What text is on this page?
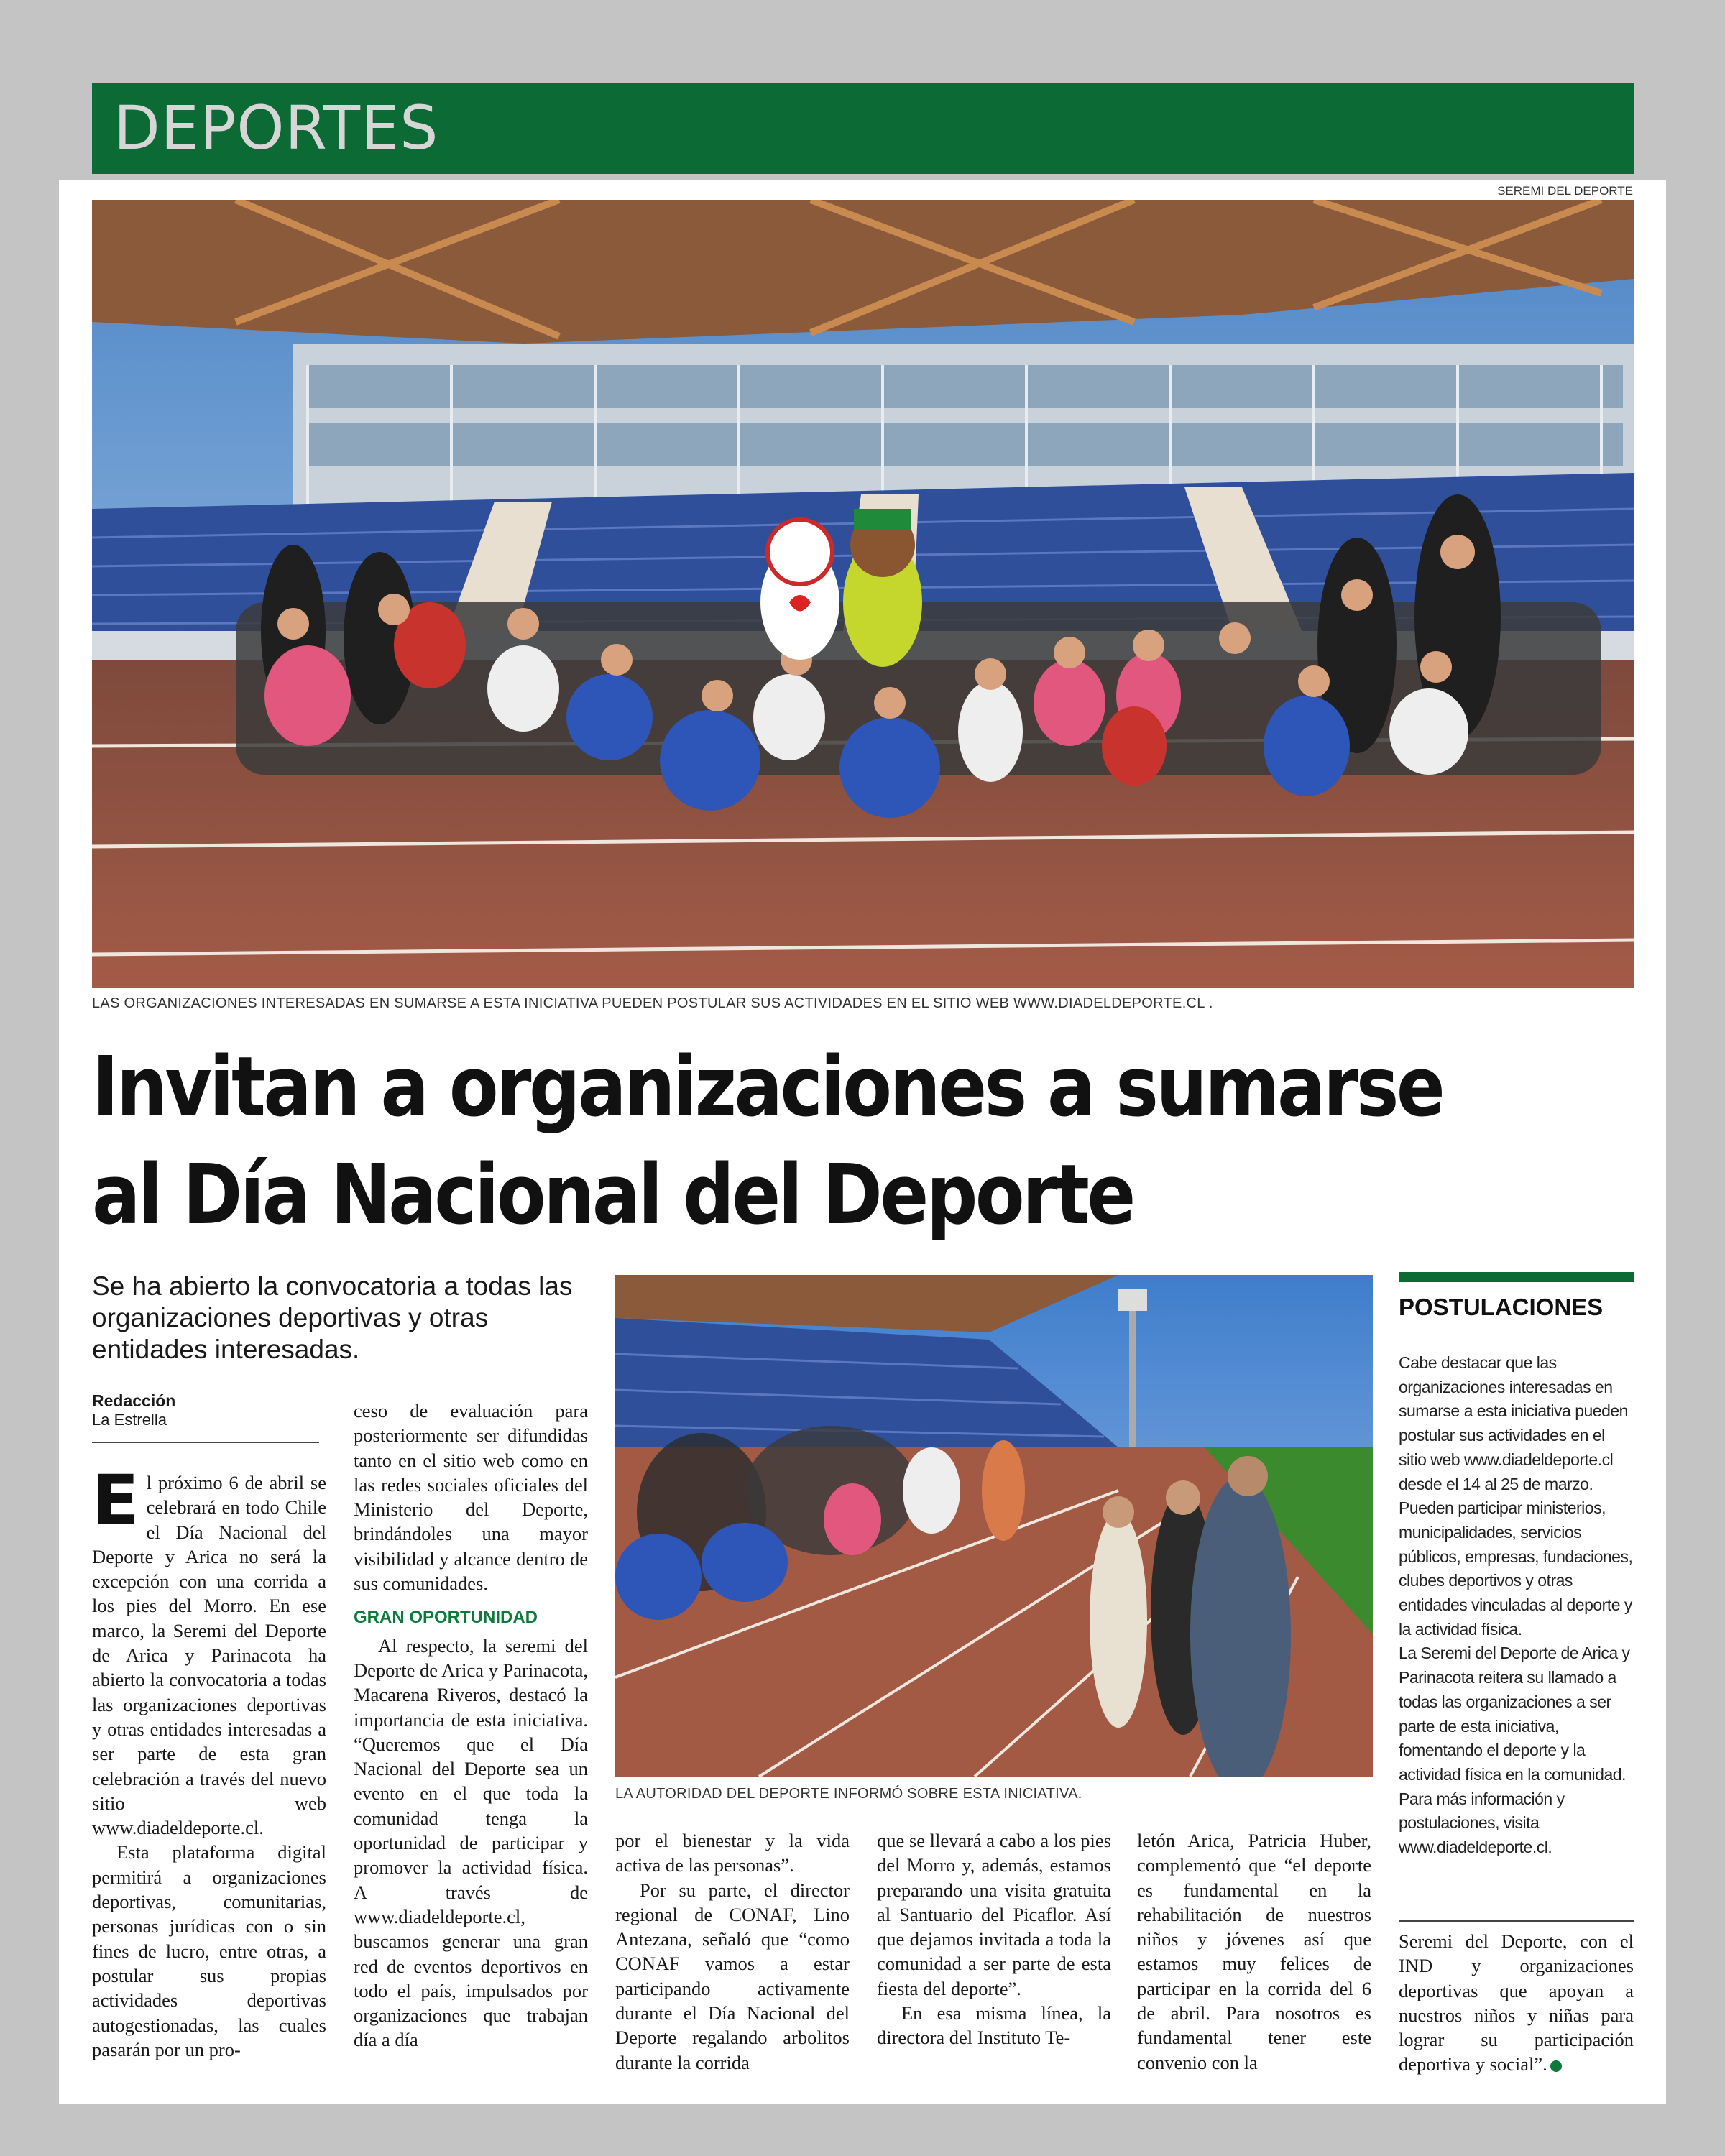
DEPORTES
SEREMI DEL DEPORTE
LAS ORGANIZACIONES INTERESADAS EN SUMARSE A ESTA INICIATIVA PUEDEN POSTULAR SUS ACTIVIDADES EN EL SITIO WEB WWW.DIADELDEPORTE.CL .
Invitan a organizaciones a sumarse
al Día Nacional del Deporte
Se ha abierto la convocatoria a todas las organizaciones deportivas y otras entidades interesadas.
Redacción
La Estrella

El próximo 6 de abril se celebrará en todo Chile el Día Nacional del Deporte y Arica no será la excepción con una corrida a los pies del Morro. En ese marco, la Seremi del Deporte de Arica y Parinacota ha abierto la convocatoria a todas las organizaciones deportivas y otras entidades interesadas a ser parte de esta gran celebración a través del nuevo sitio web www.diadeldeporte.cl.

Esta plataforma digital permitirá a organizaciones deportivas, comunitarias, personas jurídicas con o sin fines de lucro, entre otras, a postular sus propias actividades deportivas autogestionadas, las cuales pasarán por un pro-

ceso de evaluación para posteriormente ser difundidas tanto en el sitio web como en las redes sociales oficiales del Ministerio del Deporte, brindándoles una mayor visibilidad y alcance dentro de sus comunidades.

GRAN OPORTUNIDAD

Al respecto, la seremi del Deporte de Arica y Parinacota, Macarena Riveros, destacó la importancia de esta iniciativa. “Queremos que el Día Nacional del Deporte sea un evento en el que toda la comunidad tenga la oportunidad de participar y promover la actividad física. A través de www.diadeldeporte.cl, buscamos generar una gran red de eventos deportivos en todo el país, impulsados por organizaciones que trabajan día a día

LA AUTORIDAD DEL DEPORTE INFORMÓ SOBRE ESTA INICIATIVA.

por el bienestar y la vida activa de las personas”.

Por su parte, el director regional de CONAF, Lino Antezana, señaló que “como CONAF vamos a estar participando activamente durante el Día Nacional del Deporte regalando arbolitos durante la corrida

que se llevará a cabo a los pies del Morro y, además, estamos preparando una visita gratuita al Santuario del Picaflor. Así que dejamos invitada a toda la comunidad a ser parte de esta fiesta del deporte”.

En esa misma línea, la directora del Instituto Te-

letón Arica, Patricia Huber, complementó que “el deporte es fundamental en la rehabilitación de nuestros niños y jóvenes así que estamos muy felices de participar en la corrida del 6 de abril. Para nosotros es fundamental tener este convenio con la

POSTULACIONES

Cabe destacar que las organizaciones interesadas en sumarse a esta iniciativa pueden postular sus actividades en el sitio web www.diadeldeporte.cl desde el 14 al 25 de marzo. Pueden participar ministerios, municipalidades, servicios públicos, empresas, fundaciones, clubes deportivos y otras entidades vinculadas al deporte y la actividad física.

La Seremi del Deporte de Arica y Parinacota reitera su llamado a todas las organizaciones a ser parte de esta iniciativa, fomentando el deporte y la actividad física en la comunidad. Para más información y postulaciones, visita www.diadeldeporte.cl.

Seremi del Deporte, con el IND y organizaciones deportivas que apoyan a nuestros niños y niñas para lograr su participación deportiva y social”.
